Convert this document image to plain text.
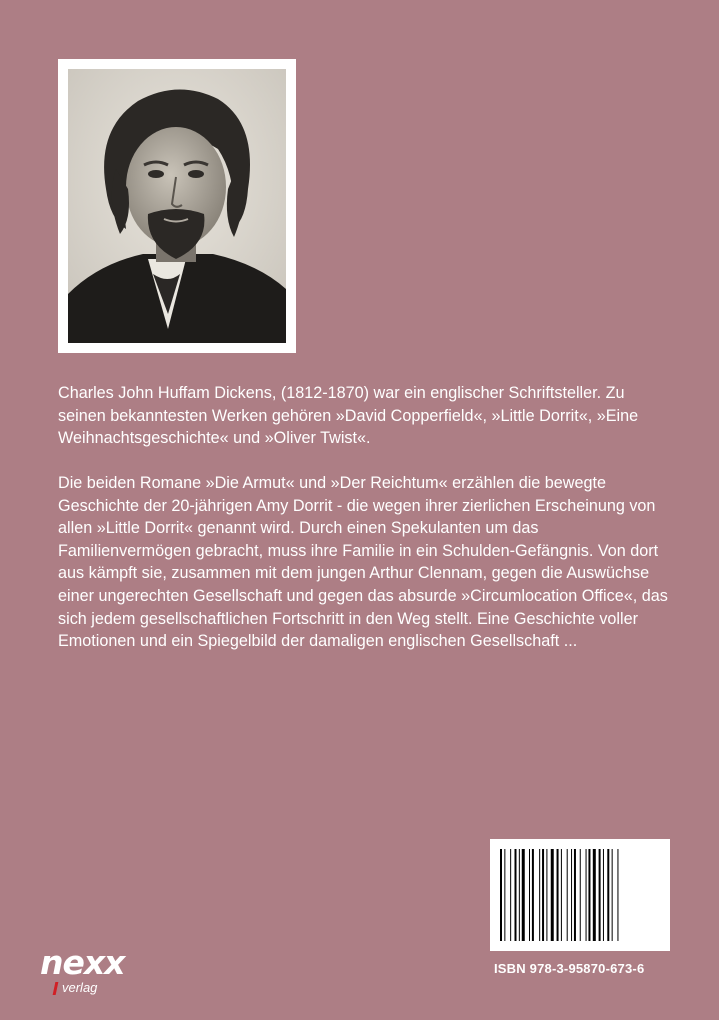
Charles John Huffam Dickens, (1812-1870) war ein englischer Schriftsteller. Zu seinen bekanntesten Werken gehören »David Copperfield«, »Little Dorrit«, »Eine Weihnachtsgeschichte« und »Oliver Twist«.

Die beiden Romane »Die Armut« und »Der Reichtum« erzählen die bewegte Geschichte der 20-jährigen Amy Dorrit - die wegen ihrer zierlichen Erscheinung von allen »Little Dorrit« genannt wird. Durch einen Spekulanten um das Familienvermögen gebracht, muss ihre Familie in ein Schulden-Gefängnis. Von dort aus kämpft sie, zusammen mit dem jungen Arthur Clennam, gegen die Auswüchse einer ungerechten Gesellschaft und gegen das absurde »Circumlocation Office«, das sich jedem gesellschaftlichen Fortschritt in den Weg stellt. Eine Geschichte voller Emotionen und ein Spiegelbild der damaligen englischen Gesellschaft ...

ISBN 978-3-95870-673-6
nexx
verlag
